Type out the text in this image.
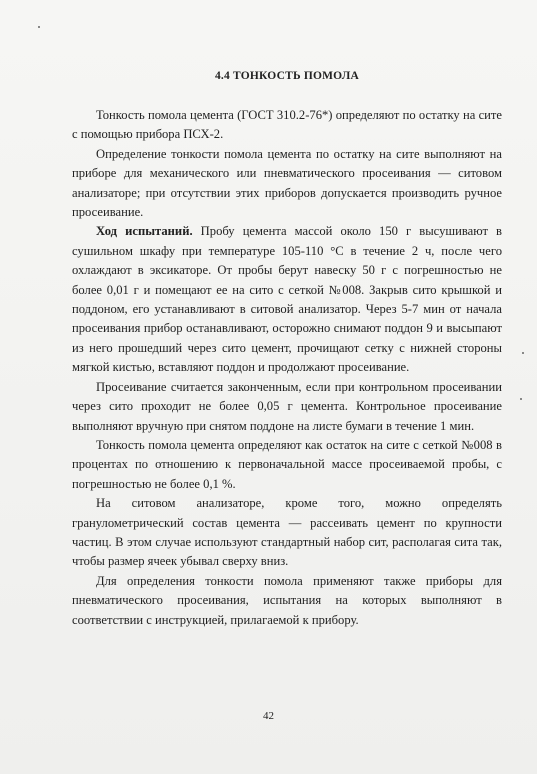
4.4 ТОНКОСТЬ ПОМОЛА

Тонкость помола цемента (ГОСТ 310.2-76*) определяют по остатку на сите с помощью прибора ПСХ-2.

Определение тонкости помола цемента по остатку на сите выполняют на приборе для механического или пневматического просеивания — ситовом анализаторе; при отсутствии этих приборов допускается производить ручное просеивание.

Ход испытаний. Пробу цемента массой около 150 г высушивают в сушильном шкафу при температуре 105-110 °С в течение 2 ч, после чего охлаждают в эксикаторе. От пробы берут навеску 50 г с погрешностью не более 0,01 г и помещают ее на сито с сеткой №008. Закрыв сито крышкой и поддоном, его устанавливают в ситовой анализатор. Через 5-7 мин от начала просеивания прибор останавливают, осторожно снимают поддон 9 и высыпают из него прошедший через сито цемент, прочищают сетку с нижней стороны мягкой кистью, вставляют поддон и продолжают просеивание.

Просеивание считается законченным, если при контрольном просеивании через сито проходит не более 0,05 г цемента. Контрольное просеивание выполняют вручную при снятом поддоне на листе бумаги в течение 1 мин.

Тонкость помола цемента определяют как остаток на сите с сеткой №008 в процентах по отношению к первоначальной массе просеиваемой пробы, с погрешностью не более 0,1 %.

На ситовом анализаторе, кроме того, можно определять гранулометрический состав цемента — рассеивать цемент по крупности частиц. В этом случае используют стандартный набор сит, располагая сита так, чтобы размер ячеек убывал сверху вниз.

Для определения тонкости помола применяют также приборы для пневматического просеивания, испытания на которых выполняют в соответствии с инструкцией, прилагаемой к прибору.

42
